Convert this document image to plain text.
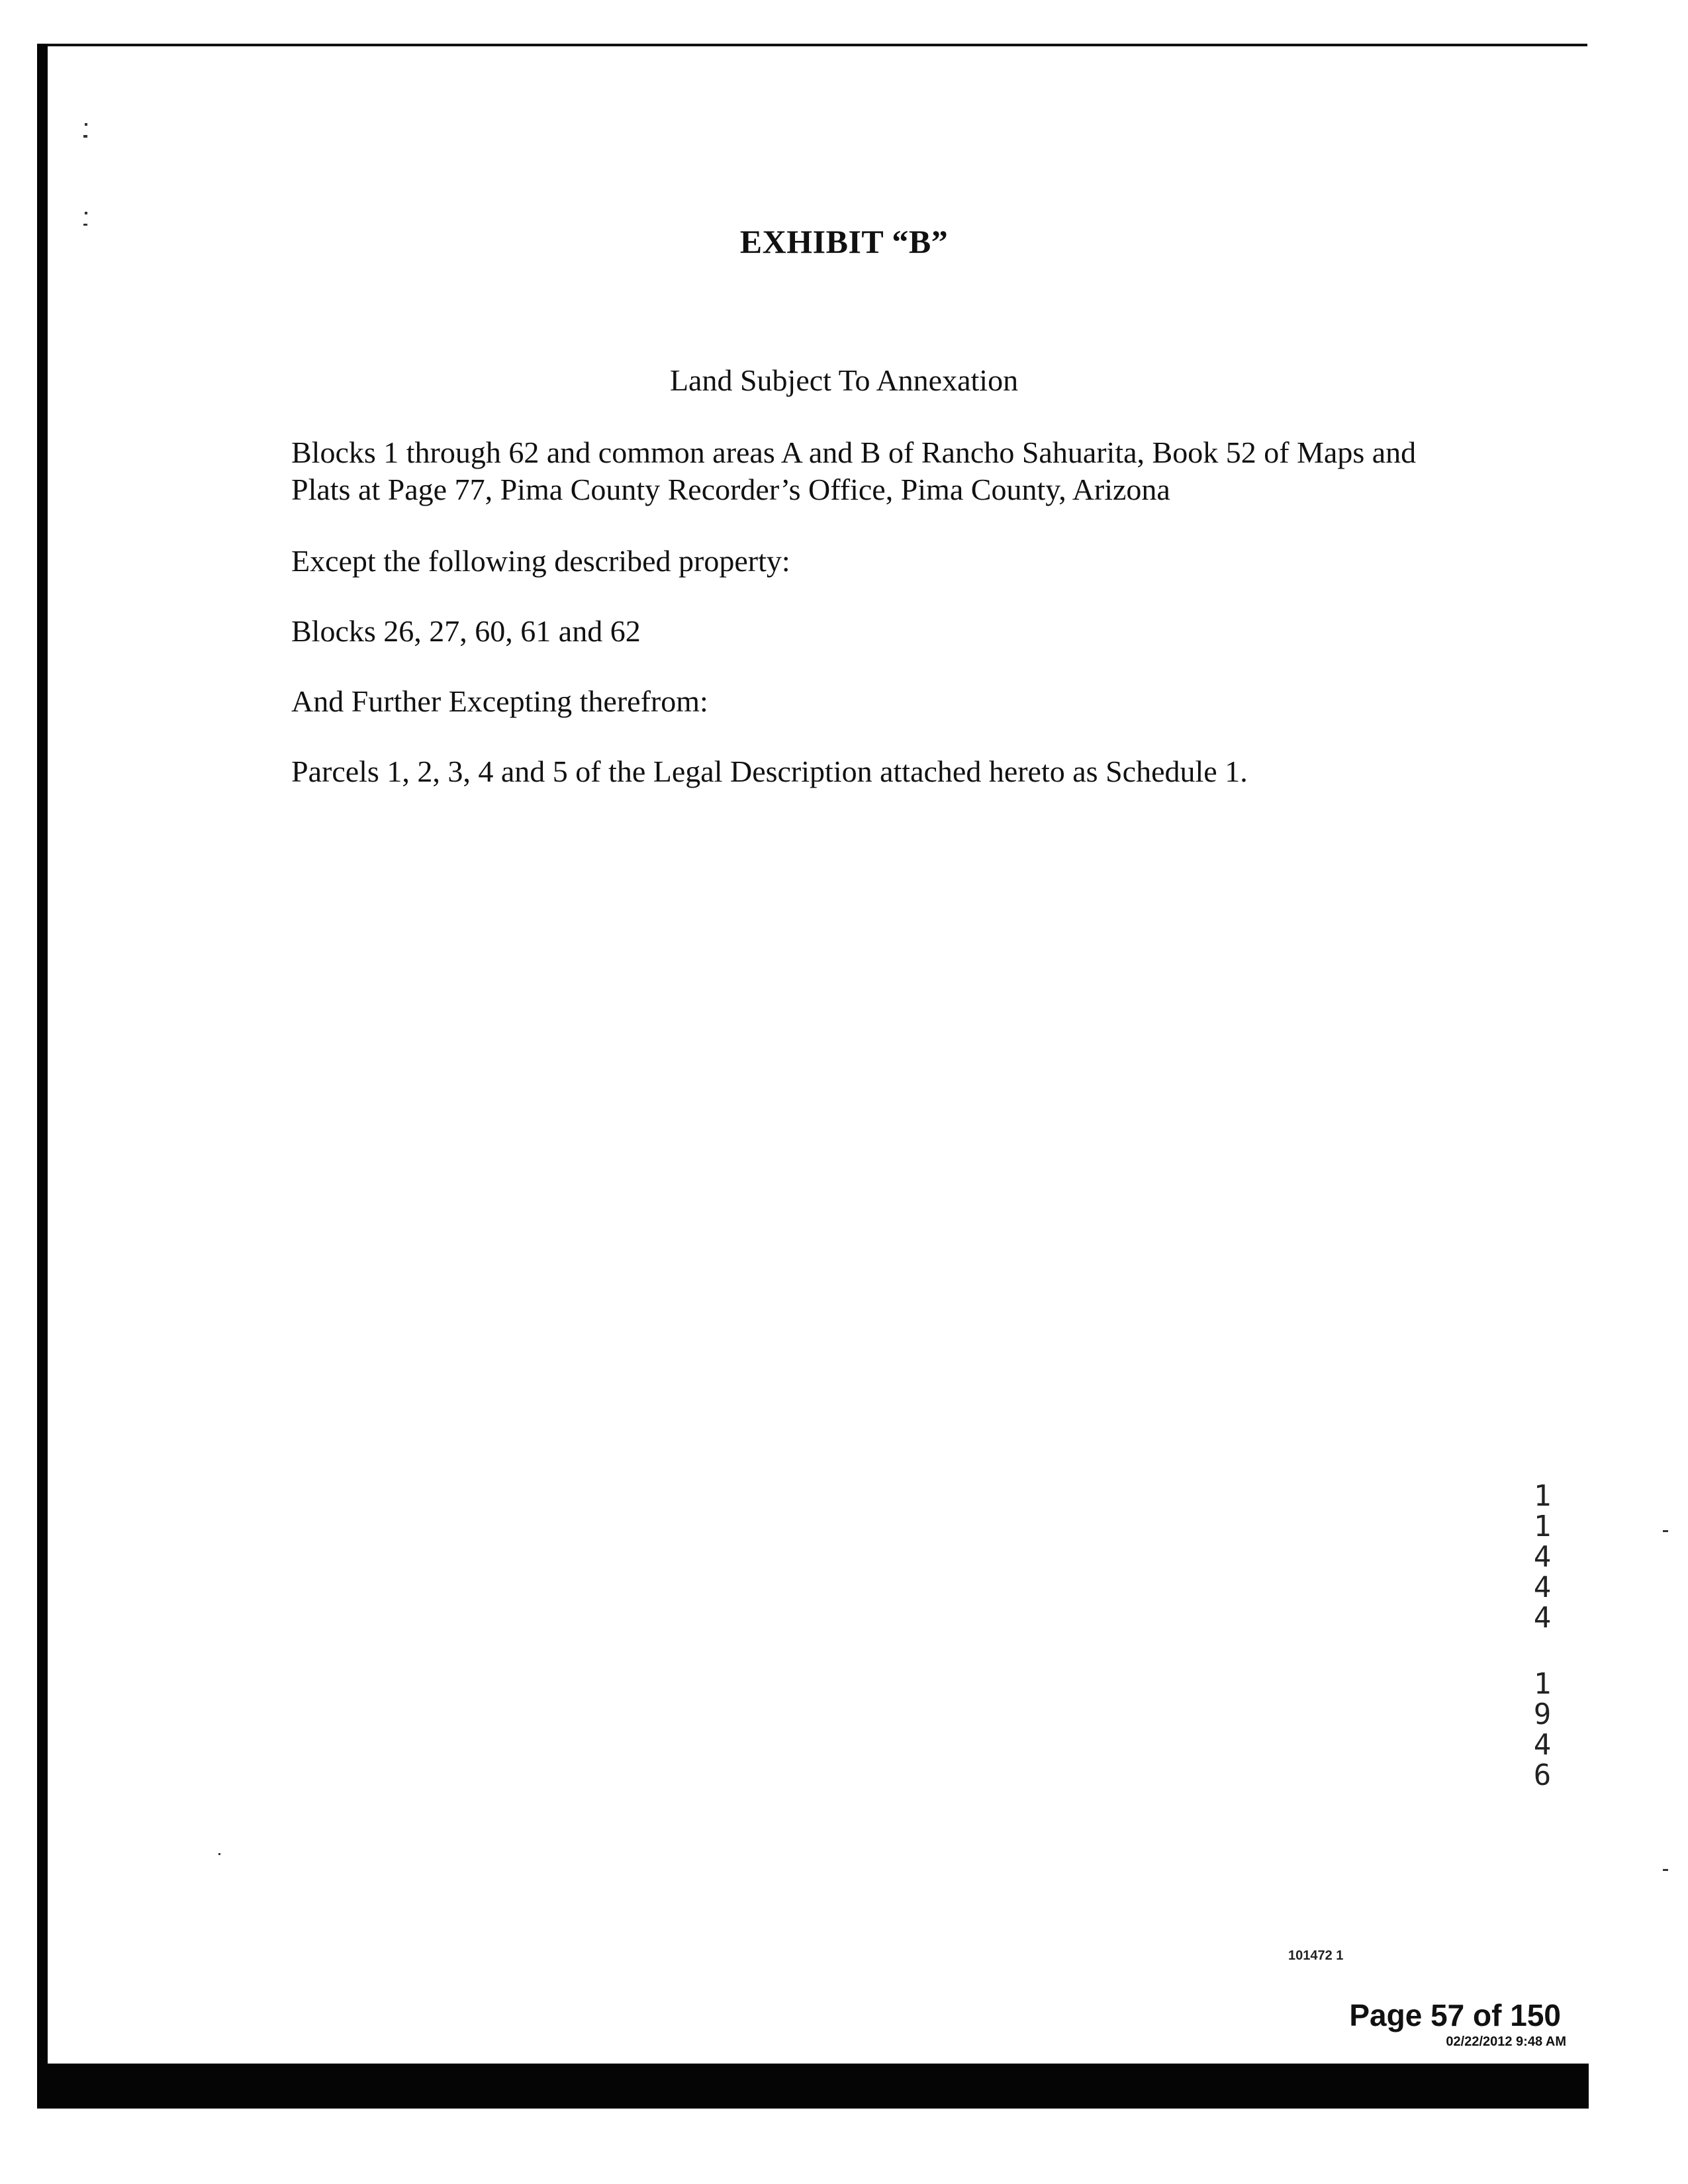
EXHIBIT “B”
Land Subject To Annexation

Blocks 1 through 62 and common areas A and B of Rancho Sahuarita, Book 52 of Maps and Plats at Page 77, Pima County Recorder’s Office, Pima County, Arizona

Except the following described property:

Blocks 26, 27, 60, 61 and 62

And Further Excepting therefrom:

Parcels 1, 2, 3, 4 and 5 of the Legal Description attached hereto as Schedule 1.

1
1
4
4
4
1
9
4
6
101472 1
Page 57 of 150
02/22/2012 9:48 AM
